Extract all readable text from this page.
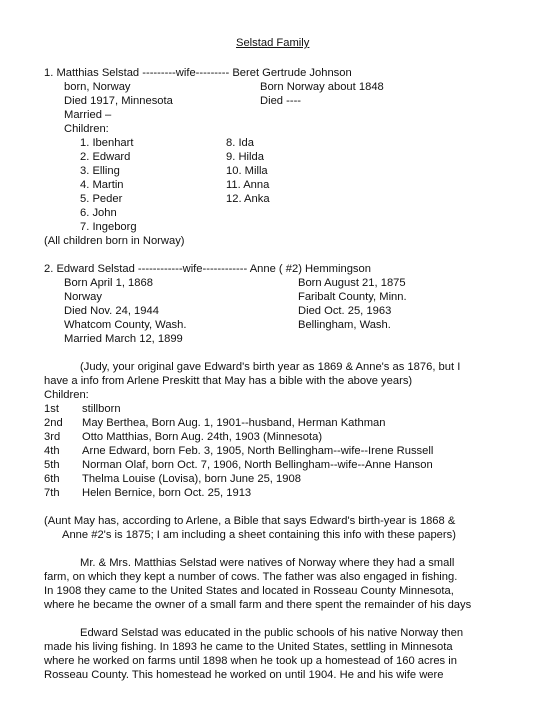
Selstad Family
1. Matthias Selstad ---------wife--------- Beret Gertrude Johnson
born, Norway
Died 1917, Minnesota
Married –
Children:
Born Norway about 1848
Died ----
1. Ibenhart
2. Edward
3. Elling
4. Martin
5. Peder
6. John
7. Ingeborg
8. Ida
9. Hilda
10. Milla
11. Anna
12. Anka
(All children born in Norway)
2. Edward Selstad ------------wife------------ Anne ( #2) Hemmingson
Born April 1, 1868
Norway
Died Nov. 24, 1944
Whatcom County, Wash.
Married March 12, 1899
Born August 21, 1875
Faribalt County, Minn.
Died Oct. 25, 1963
Bellingham, Wash.
(Judy, your original gave Edward's birth year as 1869 & Anne's as 1876, but I
have a info from Arlene Preskitt that May has a bible with the above years)
Children:
1st stillborn
2nd May Berthea, Born Aug. 1, 1901--husband, Herman Kathman
3rd Otto Matthias, Born Aug. 24th, 1903 (Minnesota)
4th Arne Edward, born Feb. 3, 1905, North Bellingham--wife--Irene Russell
5th Norman Olaf, born Oct. 7, 1906, North Bellingham--wife--Anne Hanson
6th Thelma Louise (Lovisa), born June 25, 1908
7th Helen Bernice, born Oct. 25, 1913
(Aunt May has, according to Arlene, a Bible that says Edward's birth-year is 1868 &
Anne #2's is 1875; I am including a sheet containing this info with these papers)
Mr. & Mrs. Matthias Selstad were natives of Norway where they had a small
farm, on which they kept a number of cows. The father was also engaged in fishing.
In 1908 they came to the United States and located in Rosseau County Minnesota,
where he became the owner of a small farm and there spent the remainder of his days
Edward Selstad was educated in the public schools of his native Norway then
made his living fishing. In 1893 he came to the United States, settling in Minnesota
where he worked on farms until 1898 when he took up a homestead of 160 acres in
Rosseau County. This homestead he worked on until 1904. He and his wife were
